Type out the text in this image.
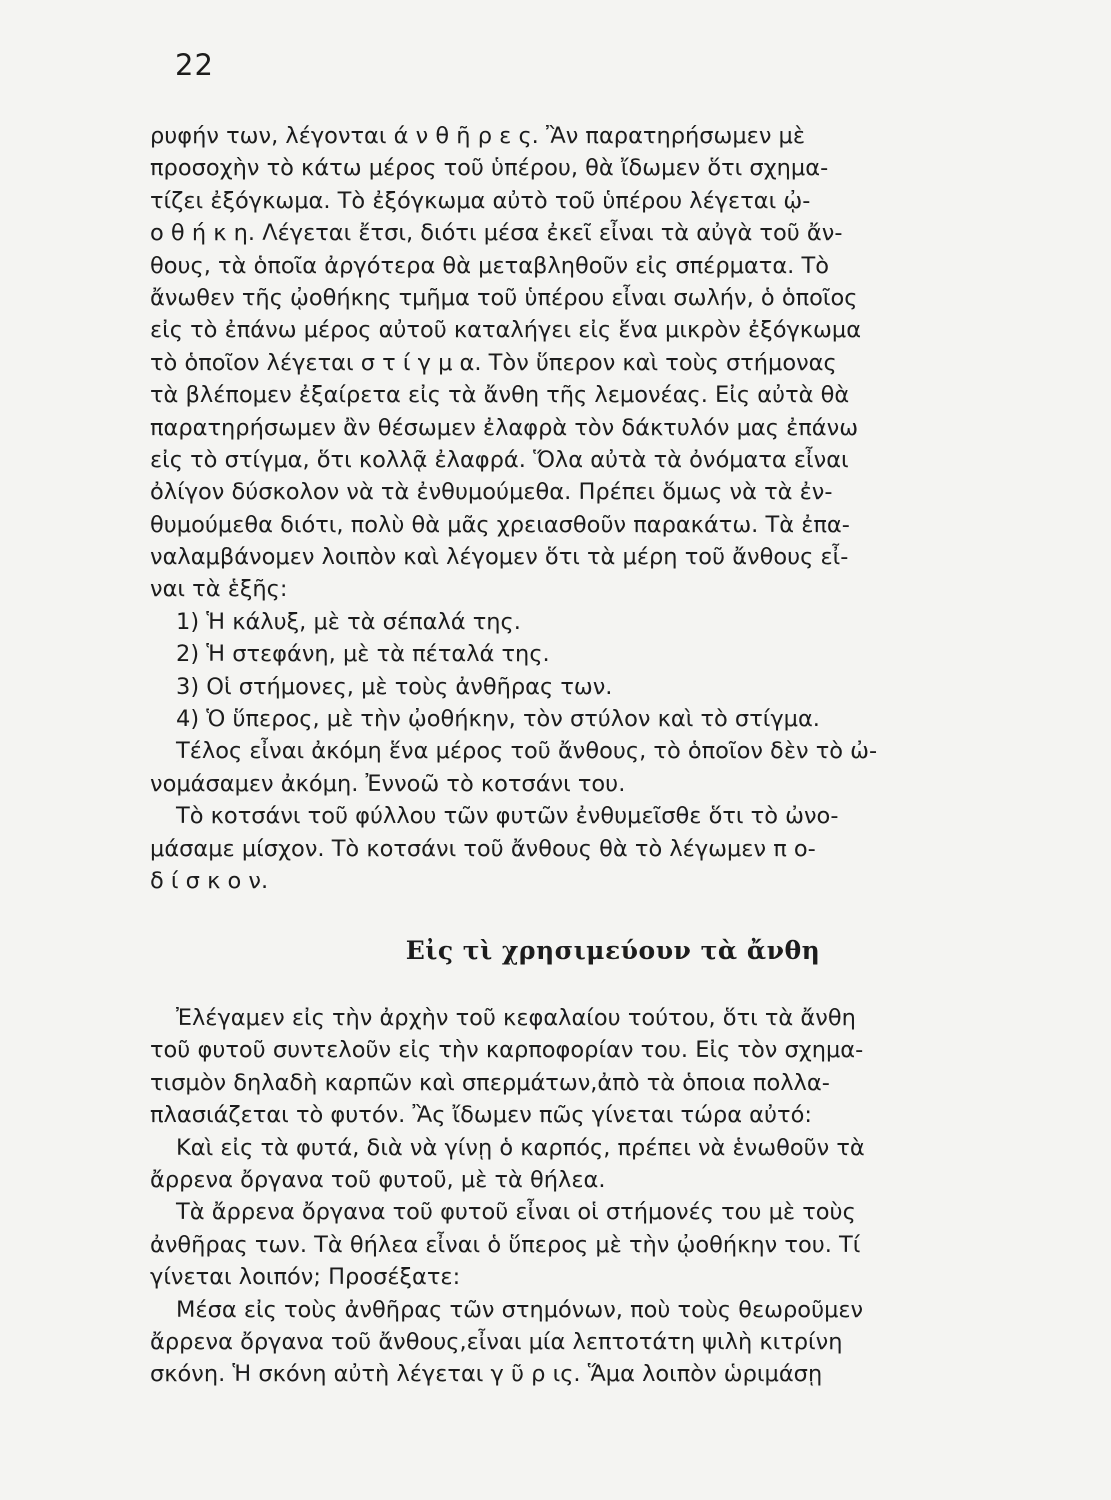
22
ρυφήν των, λέγονται ά ν θ ῆ ρ ε ς. Ἂν παρατηρήσωμεν μὲ
προσοχὴν τὸ κάτω μέρος τοῦ ὑπέρου, θὰ ἴδωμεν ὅτι σχημα-
τίζει ἐξόγκωμα. Τὸ ἐξόγκωμα αὐτὸ τοῦ ὑπέρου λέγεται ᾠ-
ο θ ή κ η. Λέγεται ἔτσι, διότι μέσα ἐκεῖ εἶναι τὰ αὐγὰ τοῦ ἄν-
θους, τὰ ὁποῖα ἀργότερα θὰ μεταβληθοῦν εἰς σπέρματα. Τὸ
ἄνωθεν τῆς ᾠοθήκης τμῆμα τοῦ ὑπέρου εἶναι σωλήν, ὁ ὁποῖος
εἰς τὸ ἐπάνω μέρος αὐτοῦ καταλήγει εἰς ἕνα μικρὸν ἐξόγκωμα
τὸ ὁποῖον λέγεται σ τ ί γ μ α. Τὸν ὕπερον καὶ τοὺς στήμονας
τὰ βλέπομεν ἐξαίρετα εἰς τὰ ἄνθη τῆς λεμονέας. Εἰς αὐτὰ θὰ
παρατηρήσωμεν ἂν θέσωμεν ἐλαφρὰ τὸν δάκτυλόν μας ἐπάνω
εἰς τὸ στίγμα, ὅτι κολλᾷ ἐλαφρά. Ὅλα αὐτὰ τὰ ὀνόματα εἶναι
ὀλίγον δύσκολον νὰ τὰ ἐνθυμούμεθα. Πρέπει ὅμως νὰ τὰ ἐν-
θυμούμεθα διότι, πολὺ θὰ μᾶς χρειασθοῦν παρακάτω. Τὰ ἐπα-
ναλαμβάνομεν λοιπὸν καὶ λέγομεν ὅτι τὰ μέρη τοῦ ἄνθους εἶ-
ναι τὰ ἑξῆς:
1) Ἡ κάλυξ, μὲ τὰ σέπαλά της.
2) Ἡ στεφάνη, μὲ τὰ πέταλά της.
3) Οἱ στήμονες, μὲ τοὺς ἀνθῆρας των.
4) Ὁ ὕπερος, μὲ τὴν ᾠοθήκην, τὸν στύλον καὶ τὸ στίγμα.
Τέλος εἶναι ἀκόμη ἕνα μέρος τοῦ ἄνθους, τὸ ὁποῖον δὲν τὸ ὠ-
νομάσαμεν ἀκόμη. Ἐννοῶ τὸ κοτσάνι του.
Τὸ κοτσάνι τοῦ φύλλου τῶν φυτῶν ἐνθυμεῖσθε ὅτι τὸ ὠνο-
μάσαμε μίσχον. Τὸ κοτσάνι τοῦ ἄνθους θὰ τὸ λέγωμεν π ο-
δ ί σ κ ο ν.
Εἰς τὶ χρησιμεύουν τὰ ἄνθη
Ἐλέγαμεν εἰς τὴν ἀρχὴν τοῦ κεφαλαίου τούτου, ὅτι τὰ ἄνθη
τοῦ φυτοῦ συντελοῦν εἰς τὴν καρποφορίαν του. Εἰς τὸν σχημα-
τισμὸν δηλαδὴ καρπῶν καὶ σπερμάτων,ἀπὸ τὰ ὁποια πολλα-
πλασιάζεται τὸ φυτόν. Ἂς ἴδωμεν πῶς γίνεται τώρα αὐτό:
Καὶ εἰς τὰ φυτά, διὰ νὰ γίνῃ ὁ καρπός, πρέπει νὰ ἑνωθοῦν τὰ
ἄρρενα ὄργανα τοῦ φυτοῦ, μὲ τὰ θήλεα.
Τὰ ἄρρενα ὄργανα τοῦ φυτοῦ εἶναι οἱ στήμονές του μὲ τοὺς
ἀνθῆρας των. Τὰ θήλεα εἶναι ὁ ὕπερος μὲ τὴν ᾠοθήκην του. Τί
γίνεται λοιπόν; Προσέξατε:
Μέσα εἰς τοὺς ἀνθῆρας τῶν στημόνων, ποὺ τοὺς θεωροῦμεν
ἄρρενα ὄργανα τοῦ ἄνθους,εἶναι μία λεπτοτάτη ψιλὴ κιτρίνη
σκόνη. Ἡ σκόνη αὐτὴ λέγεται γ ῦ ρ ις. Ἅμα λοιπὸν ὡριμάσῃ
